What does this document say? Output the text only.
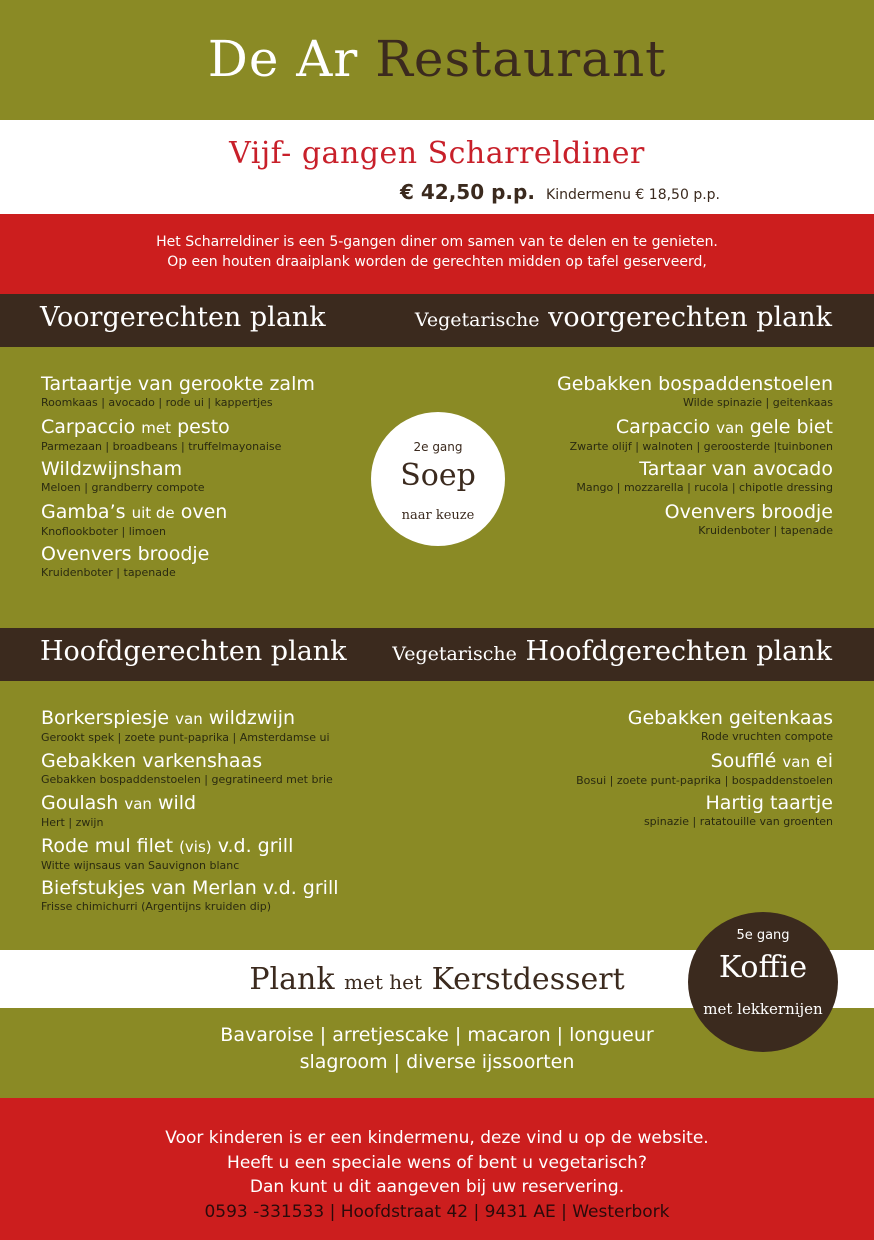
De Ar Restaurant
Vijf- gangen Scharreldiner
€ 42,50 p.p. Kindermenu € 18,50 p.p.
Het Scharreldiner is een 5-gangen diner om samen van te delen en te genieten.
Op een houten draaiplank worden de gerechten midden op tafel geserveerd,
Voorgerechten plank	Vegetarische voorgerechten plank
Tartaartje van gerookte zalm
Roomkaas | avocado | rode ui | kappertjes
Carpaccio met pesto
Parmezaan | broadbeans | truffelmayonaise
Wildzwijnsham
Meloen | grandberry compote
Gamba’s uit de oven
Knoflookboter | limoen
Ovenvers broodje
Kruidenboter | tapenade
Gebakken bospaddenstoelen
Wilde spinazie | geitenkaas
Carpaccio van gele biet
Zwarte olijf | walnoten | geroosterde |tuinbonen
Tartaar van avocado
Mango | mozzarella | rucola | chipotle dressing
Ovenvers broodje
Kruidenboter | tapenade
2e gang
Soep
naar keuze
Hoofdgerechten plank Vegetarische Hoofdgerechten plank
Borkerspiesje van wildzwijn
Gerookt spek | zoete punt-paprika | Amsterdamse ui
Gebakken varkenshaas
Gebakken bospaddenstoelen | gegratineerd met brie
Goulash van wild
Hert | zwijn
Rode mul filet (vis) v.d. grill
Witte wijnsaus van Sauvignon blanc
Biefstukjes van Merlan v.d. grill
Frisse chimichurri (Argentijns kruiden dip)
Gebakken geitenkaas
Rode vruchten compote
Soufflé van ei
Bosui | zoete punt-paprika | bospaddenstoelen
Hartig taartje
spinazie | ratatouille van groenten
Plank met het Kerstdessert
Bavaroise | arretjescake | macaron | longueur
slagroom | diverse ijssoorten
5e gang
Koffie
met lekkernijen
Voor kinderen is er een kindermenu, deze vind u op de website.
Heeft u een speciale wens of bent u vegetarisch?
Dan kunt u dit aangeven bij uw reservering.
0593 -331533 | Hoofdstraat 42 | 9431 AE | Westerbork
